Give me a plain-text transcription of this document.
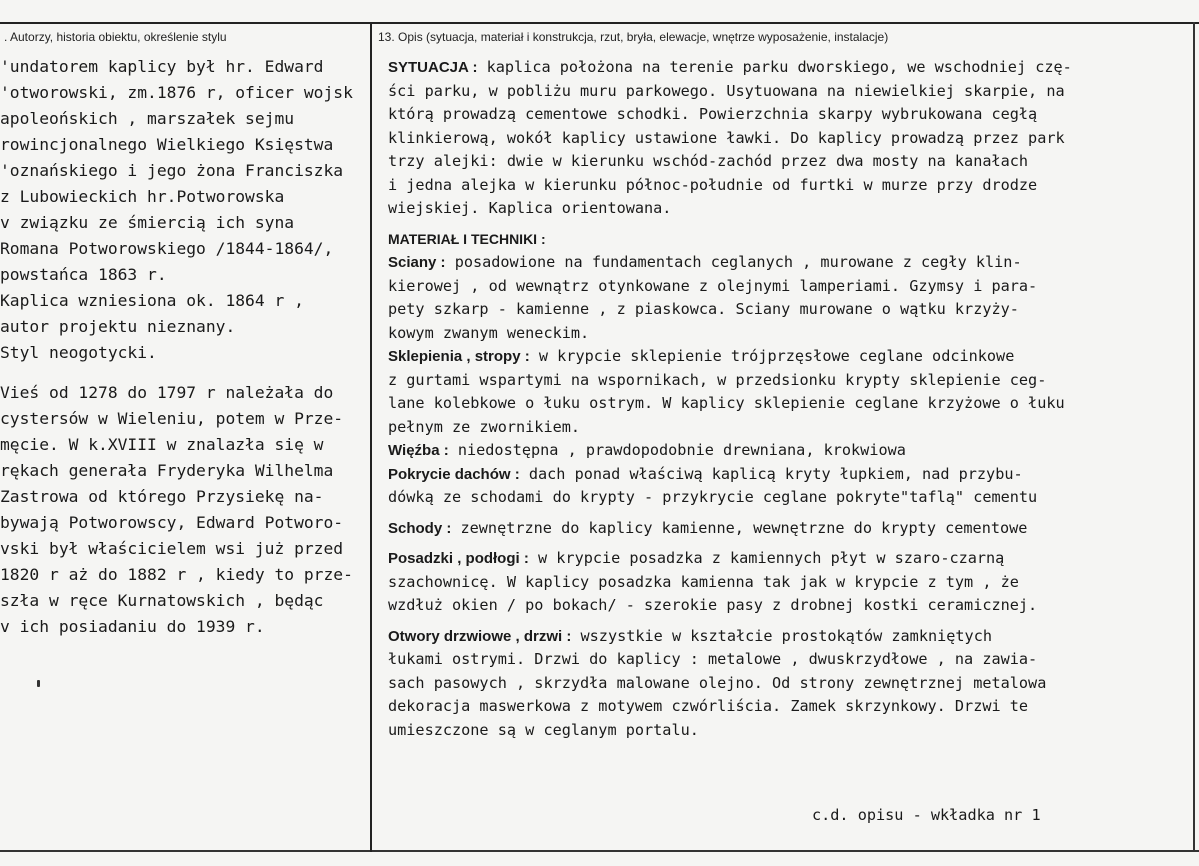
. Autorzy, historia obiektu, określenie stylu	13. Opis (sytuacja, materiał i konstrukcja, rzut, bryła, elewacje, wnętrze wyposażenie, instalacje)
'undatorem kaplicy był hr. Edward
'otworowski, zm.1876 r, oficer wojsk
apoleońskich , marszałek sejmu
rowincjonalnego Wielkiego Księstwa
'oznańskiego i jego żona Franciszka
z Lubowieckich hr.Potworowska
v związku ze śmiercią ich syna
Romana Potworowskiego /1844-1864/,
powstańca 1863 r.
Kaplica wzniesiona ok. 1864 r ,
autor projektu nieznany.
Styl neogotycki.
Vieś od 1278 do 1797 r należała do
cystersów w Wieleniu, potem w Prze-
męcie. W k.XVIII w znalazła się w
rękach generała Fryderyka Wilhelma
Zastrowa od którego Przysiekę na-
bywają Potworowscy, Edward Potworo-
vski był właścicielem wsi już przed
1820 r aż do 1882 r , kiedy to prze-
szła w ręce Kurnatowskich , będąc
v ich posiadaniu do 1939 r.
SYTUACJA : kaplica położona na terenie parku dworskiego, we wschodniej czę-
ści parku, w pobliżu muru parkowego. Usytuowana na niewielkiej skarpie, na
którą prowadzą cementowe schodki. Powierzchnia skarpy wybrukowana cegłą
klinkierową, wokół kaplicy ustawione ławki. Do kaplicy prowadzą przez park
trzy alejki: dwie w kierunku wschód-zachód przez dwa mosty na kanałach
i jedna alejka w kierunku północ-południe od furtki w murze przy drodze
wiejskiej. Kaplica orientowana.
MATERIAŁ I TECHNIKI :
Sciany : posadowione na fundamentach ceglanych , murowane z cegły klin-
kierowej , od wewnątrz otynkowane z olejnymi lamperiami. Gzymsy i para-
pety szkarp - kamienne , z piaskowca. Sciany murowane o wątku krzyży-
kowym zwanym weneckim.
Sklepienia , stropy : w krypcie sklepienie trójprzęsłowe ceglane odcinkowe
z gurtami wspartymi na wspornikach, w przedsionku krypty sklepienie ceg-
lane kolebkowe o łuku ostrym. W kaplicy sklepienie ceglane krzyżowe o łuku
pełnym ze zwornikiem.
Więźba : niedostępna , prawdopodobnie drewniana, krokwiowa
Pokrycie dachów : dach ponad właściwą kaplicą kryty łupkiem, nad przybu-
dówką ze schodami do krypty - przykrycie ceglane pokryte"taflą" cementu
Schody : zewnętrzne do kaplicy kamienne, wewnętrzne do krypty cementowe
Posadzki , podłogi : w krypcie posadzka z kamiennych płyt w szaro-czarną
szachownicę. W kaplicy posadzka kamienna tak jak w krypcie z tym , że
wzdłuż okien / po bokach/ - szerokie pasy z drobnej kostki ceramicznej.
Otwory drzwiowe , drzwi : wszystkie w kształcie prostokątów zamkniętych
łukami ostrymi. Drzwi do kaplicy : metalowe , dwuskrzydłowe , na zawia-
sach pasowych , skrzydła malowane olejno. Od strony zewnętrznej metalowa
dekoracja maswerkowa z motywem czwórliścia. Zamek skrzynkowy. Drzwi te
umieszczone są w ceglanym portalu.
c.d. opisu - wkładka nr 1
